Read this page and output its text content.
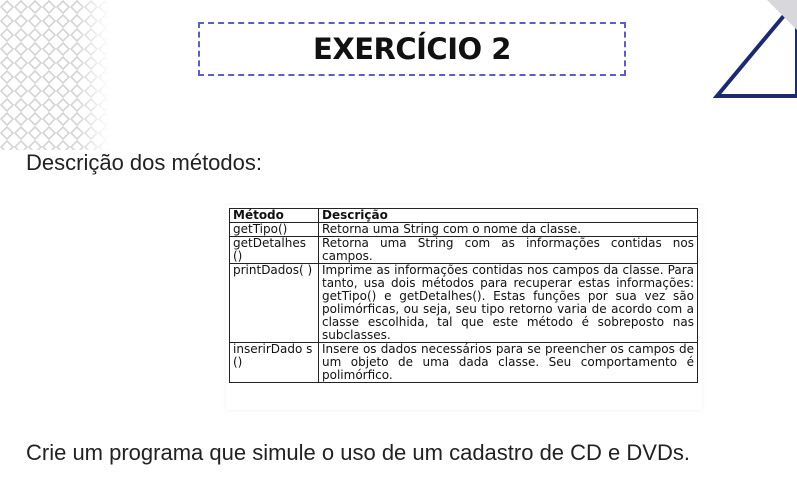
EXERCÍCIO 2
Descrição dos métodos:
Método	Descrição
getTipo()	Retorna uma String com o nome da classe.
getDetalhes ()	Retorna uma String com as informações contidas nos campos.
printDados( )	Imprime as informações contidas nos campos da classe. Para tanto, usa dois métodos para recuperar estas informações: getTipo() e getDetalhes(). Estas funções por sua vez são polimórficas, ou seja, seu tipo retorno varia de acordo com a classe escolhida, tal que este método é sobreposto nas subclasses.
inserirDado s()	Insere os dados necessários para se preencher os campos de um objeto de uma dada classe. Seu comportamento é polimórfico.
Crie um programa que simule o uso de um cadastro de CD e DVDs.
